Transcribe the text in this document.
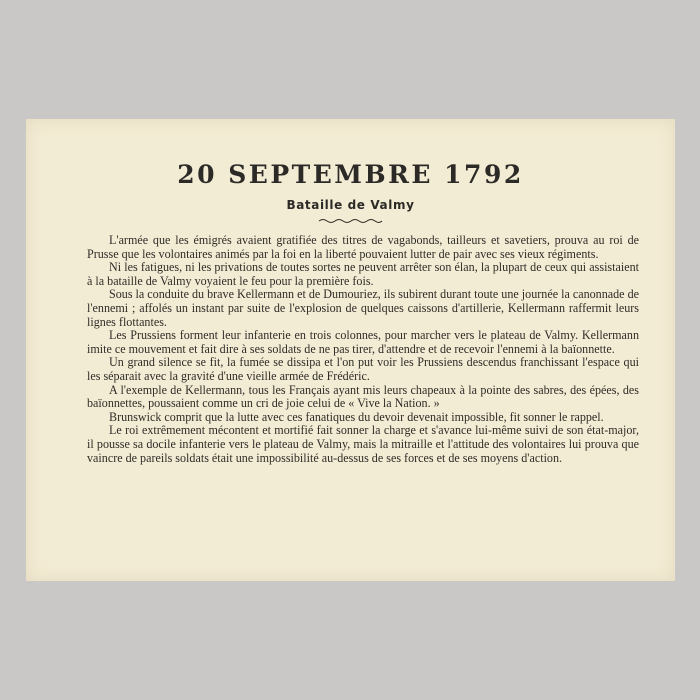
20 SEPTEMBRE 1792
Bataille de Valmy

L'armée que les émigrés avaient gratifiée des titres de vagabonds, tailleurs et savetiers, prouva au roi de Prusse que les volontaires animés par la foi en la liberté pouvaient lutter de pair avec ses vieux régiments.

Ni les fatigues, ni les privations de toutes sortes ne peuvent arrêter son élan, la plupart de ceux qui assistaient à la bataille de Valmy voyaient le feu pour la première fois.

Sous la conduite du brave Kellermann et de Dumouriez, ils subirent durant toute une journée la canonnade de l'ennemi ; affolés un instant par suite de l'explosion de quelques caissons d'artillerie, Kellermann raffermit leurs lignes flottantes.

Les Prussiens forment leur infanterie en trois colonnes, pour marcher vers le plateau de Valmy. Kellermann imite ce mouvement et fait dire à ses soldats de ne pas tirer, d'attendre et de recevoir l'ennemi à la baïonnette.

Un grand silence se fit, la fumée se dissipa et l'on put voir les Prussiens descendus franchissant l'espace qui les séparait avec la gravité d'une vieille armée de Frédéric.

A l'exemple de Kellermann, tous les Français ayant mis leurs chapeaux à la pointe des sabres, des épées, des baïonnettes, poussaient comme un cri de joie celui de « Vive la Nation. »

Brunswick comprit que la lutte avec ces fanatiques du devoir devenait impossible, fit sonner le rappel.

Le roi extrêmement mécontent et mortifié fait sonner la charge et s'avance lui-même suivi de son état-major, il pousse sa docile infanterie vers le plateau de Valmy, mais la mitraille et l'attitude des volontaires lui prouva que vaincre de pareils soldats était une impossibilité au-dessus de ses forces et de ses moyens d'action.
